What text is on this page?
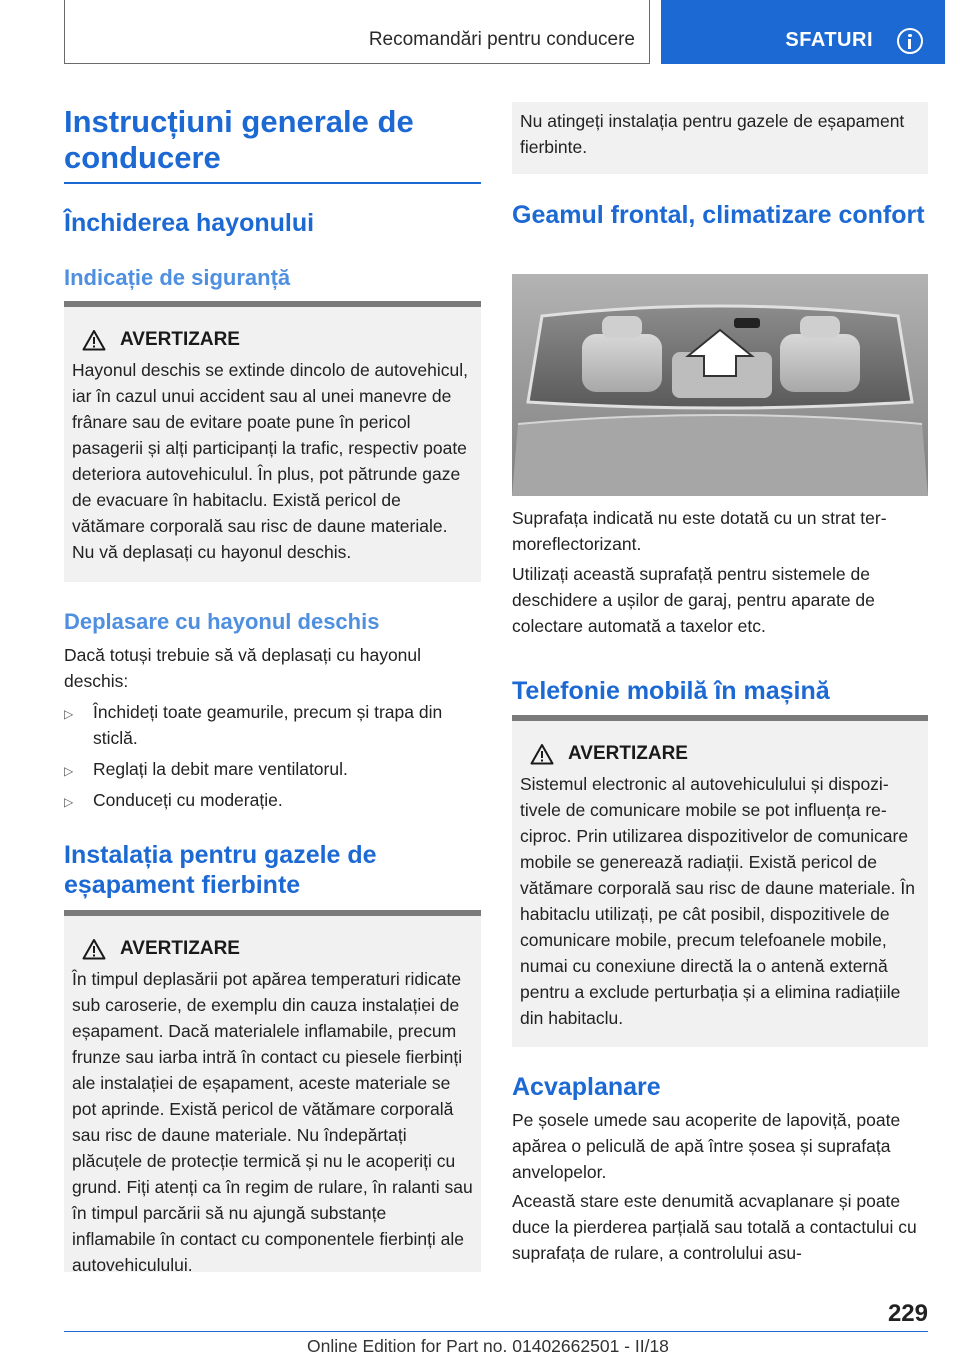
Recomandări pentru conducere	SFATURI
Instrucțiuni generale de conducere
Închiderea hayonului
Indicație de siguranță
AVERTIZARE
Hayonul deschis se extinde dincolo de autovehicul, iar în cazul unui accident sau al unei manevre de frânare sau de evitare poate pune în pericol pasagerii și alți participanți la trafic, respectiv poate deteriora autovehiculul. În plus, pot pătrunde gaze de evacuare în habitaclu. Există pericol de vătămare corporală sau risc de daune materiale. Nu vă deplasați cu hayonul deschis.
Deplasare cu hayonul deschis
Dacă totuși trebuie să vă deplasați cu hayonul deschis:
▷	Închideți toate geamurile, precum și trapa din sticlă.
▷	Reglați la debit mare ventilatorul.
▷	Conduceți cu moderație.
Instalația pentru gazele de eșapament fierbinte
AVERTIZARE
În timpul deplasării pot apărea temperaturi ridicate sub caroserie, de exemplu din cauza instalației de eșapament. Dacă materialele inflamabile, precum frunze sau iarba intră în contact cu piesele fierbinți ale instalației de eșapament, aceste materiale se pot aprinde. Există pericol de vătămare corporală sau risc de daune materiale. Nu îndepărtați plăcuțele de protecție termică și nu le acoperiți cu grund. Fiți atenți ca în regim de rulare, în ralanti sau în timpul parcării să nu ajungă substanțe inflamabile în contact cu componentele fierbinți ale autovehiculului.
Nu atingeți instalația pentru gazele de eșapament fierbinte.
Geamul frontal, climatizare confort
Suprafața indicată nu este dotată cu un strat termoreflectorizant.
Utilizați această suprafață pentru sistemele de deschidere a ușilor de garaj, pentru aparate de colectare automată a taxelor etc.
Telefonie mobilă în mașină
AVERTIZARE
Sistemul electronic al autovehiculului și dispozitivele de comunicare mobile se pot influența reciproc. Prin utilizarea dispozitivelor de comunicare mobile se generează radiații. Există pericol de vătămare corporală sau risc de daune materiale. În habitaclu utilizați, pe cât posibil, dispozitivele de comunicare mobile, precum telefoanele mobile, numai cu conexiune directă la o antenă externă pentru a exclude perturbația și a elimina radiațiile din habitaclu.
Acvaplanare
Pe șosele umede sau acoperite de lapoviță, poate apărea o peliculă de apă între șosea și suprafața anvelopelor.
Această stare este denumită acvaplanare și poate duce la pierderea parțială sau totală a contactului cu suprafața de rulare, a controlului asu-
229
Online Edition for Part no. 01402662501 - II/18
